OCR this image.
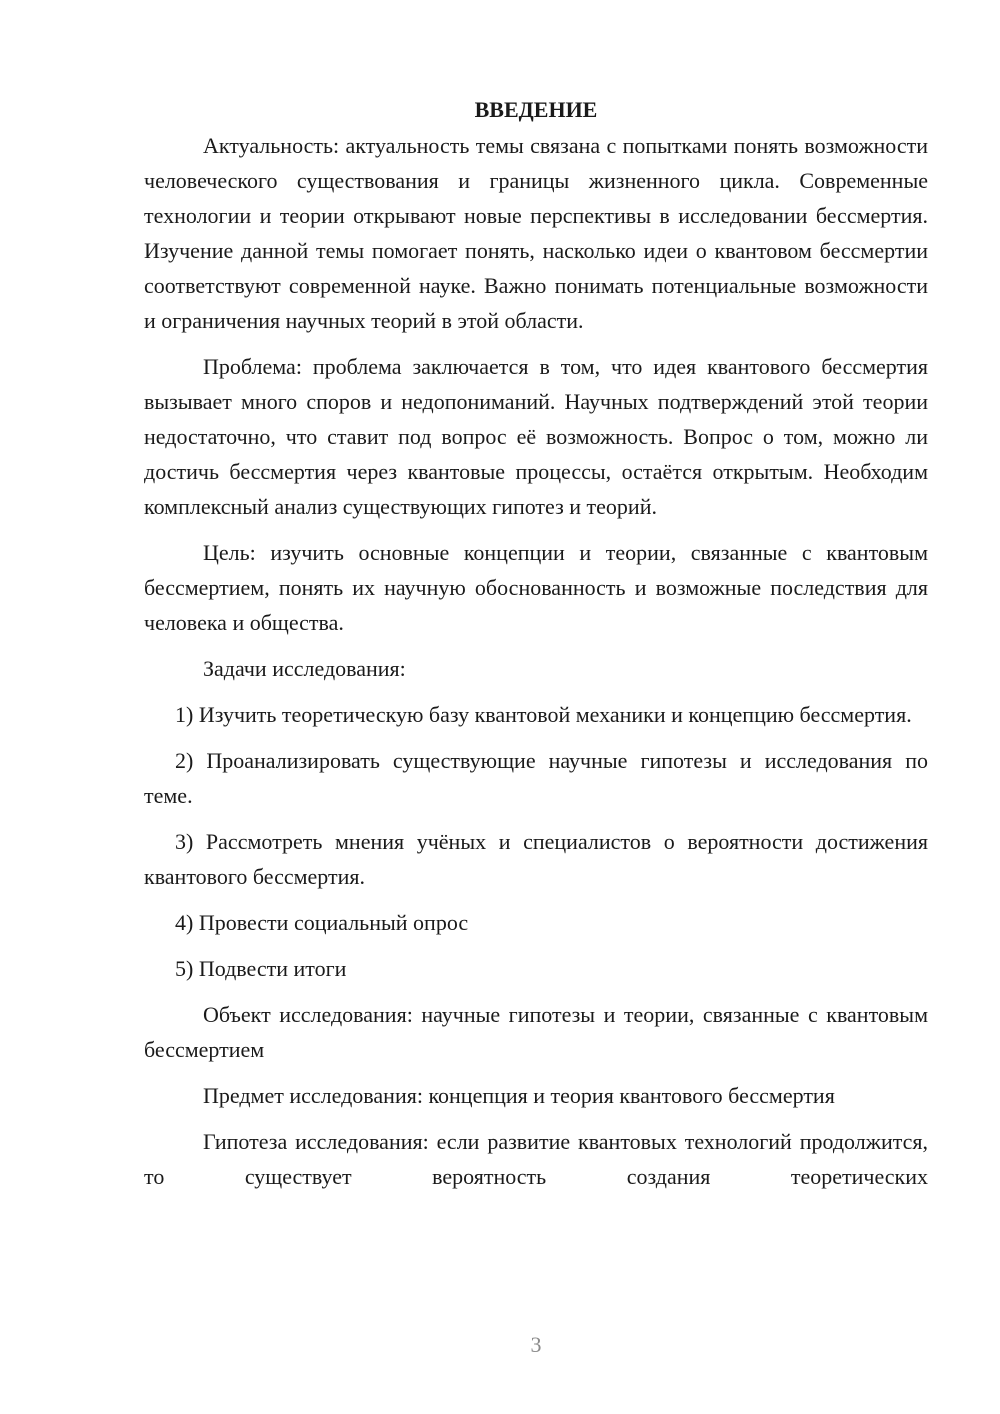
ВВЕДЕНИЕ

Актуальность: актуальность темы связана с попытками понять возможности человеческого существования и границы жизненного цикла. Современные технологии и теории открывают новые перспективы в исследовании бессмертия. Изучение данной темы помогает понять, насколько идеи о квантовом бессмертии соответствуют современной науке. Важно понимать потенциальные возможности и ограничения научных теорий в этой области.

Проблема: проблема заключается в том, что идея квантового бессмертия вызывает много споров и недопониманий. Научных подтверждений этой теории недостаточно, что ставит под вопрос её возможность. Вопрос о том, можно ли достичь бессмертия через квантовые процессы, остаётся открытым. Необходим комплексный анализ существующих гипотез и теорий.

Цель: изучить основные концепции и теории, связанные с квантовым бессмертием, понять их научную обоснованность и возможные последствия для человека и общества.

Задачи исследования:

1) Изучить теоретическую базу квантовой механики и концепцию бессмертия.

2) Проанализировать существующие научные гипотезы и исследования по теме.

3) Рассмотреть мнения учёных и специалистов о вероятности достижения квантового бессмертия.

4) Провести социальный опрос

5) Подвести итоги

Объект исследования: научные гипотезы и теории, связанные с квантовым бессмертием

Предмет исследования: концепция и теория квантового бессмертия

Гипотеза исследования: если развитие квантовых технологий продолжится, то существует вероятность создания теоретических

3
